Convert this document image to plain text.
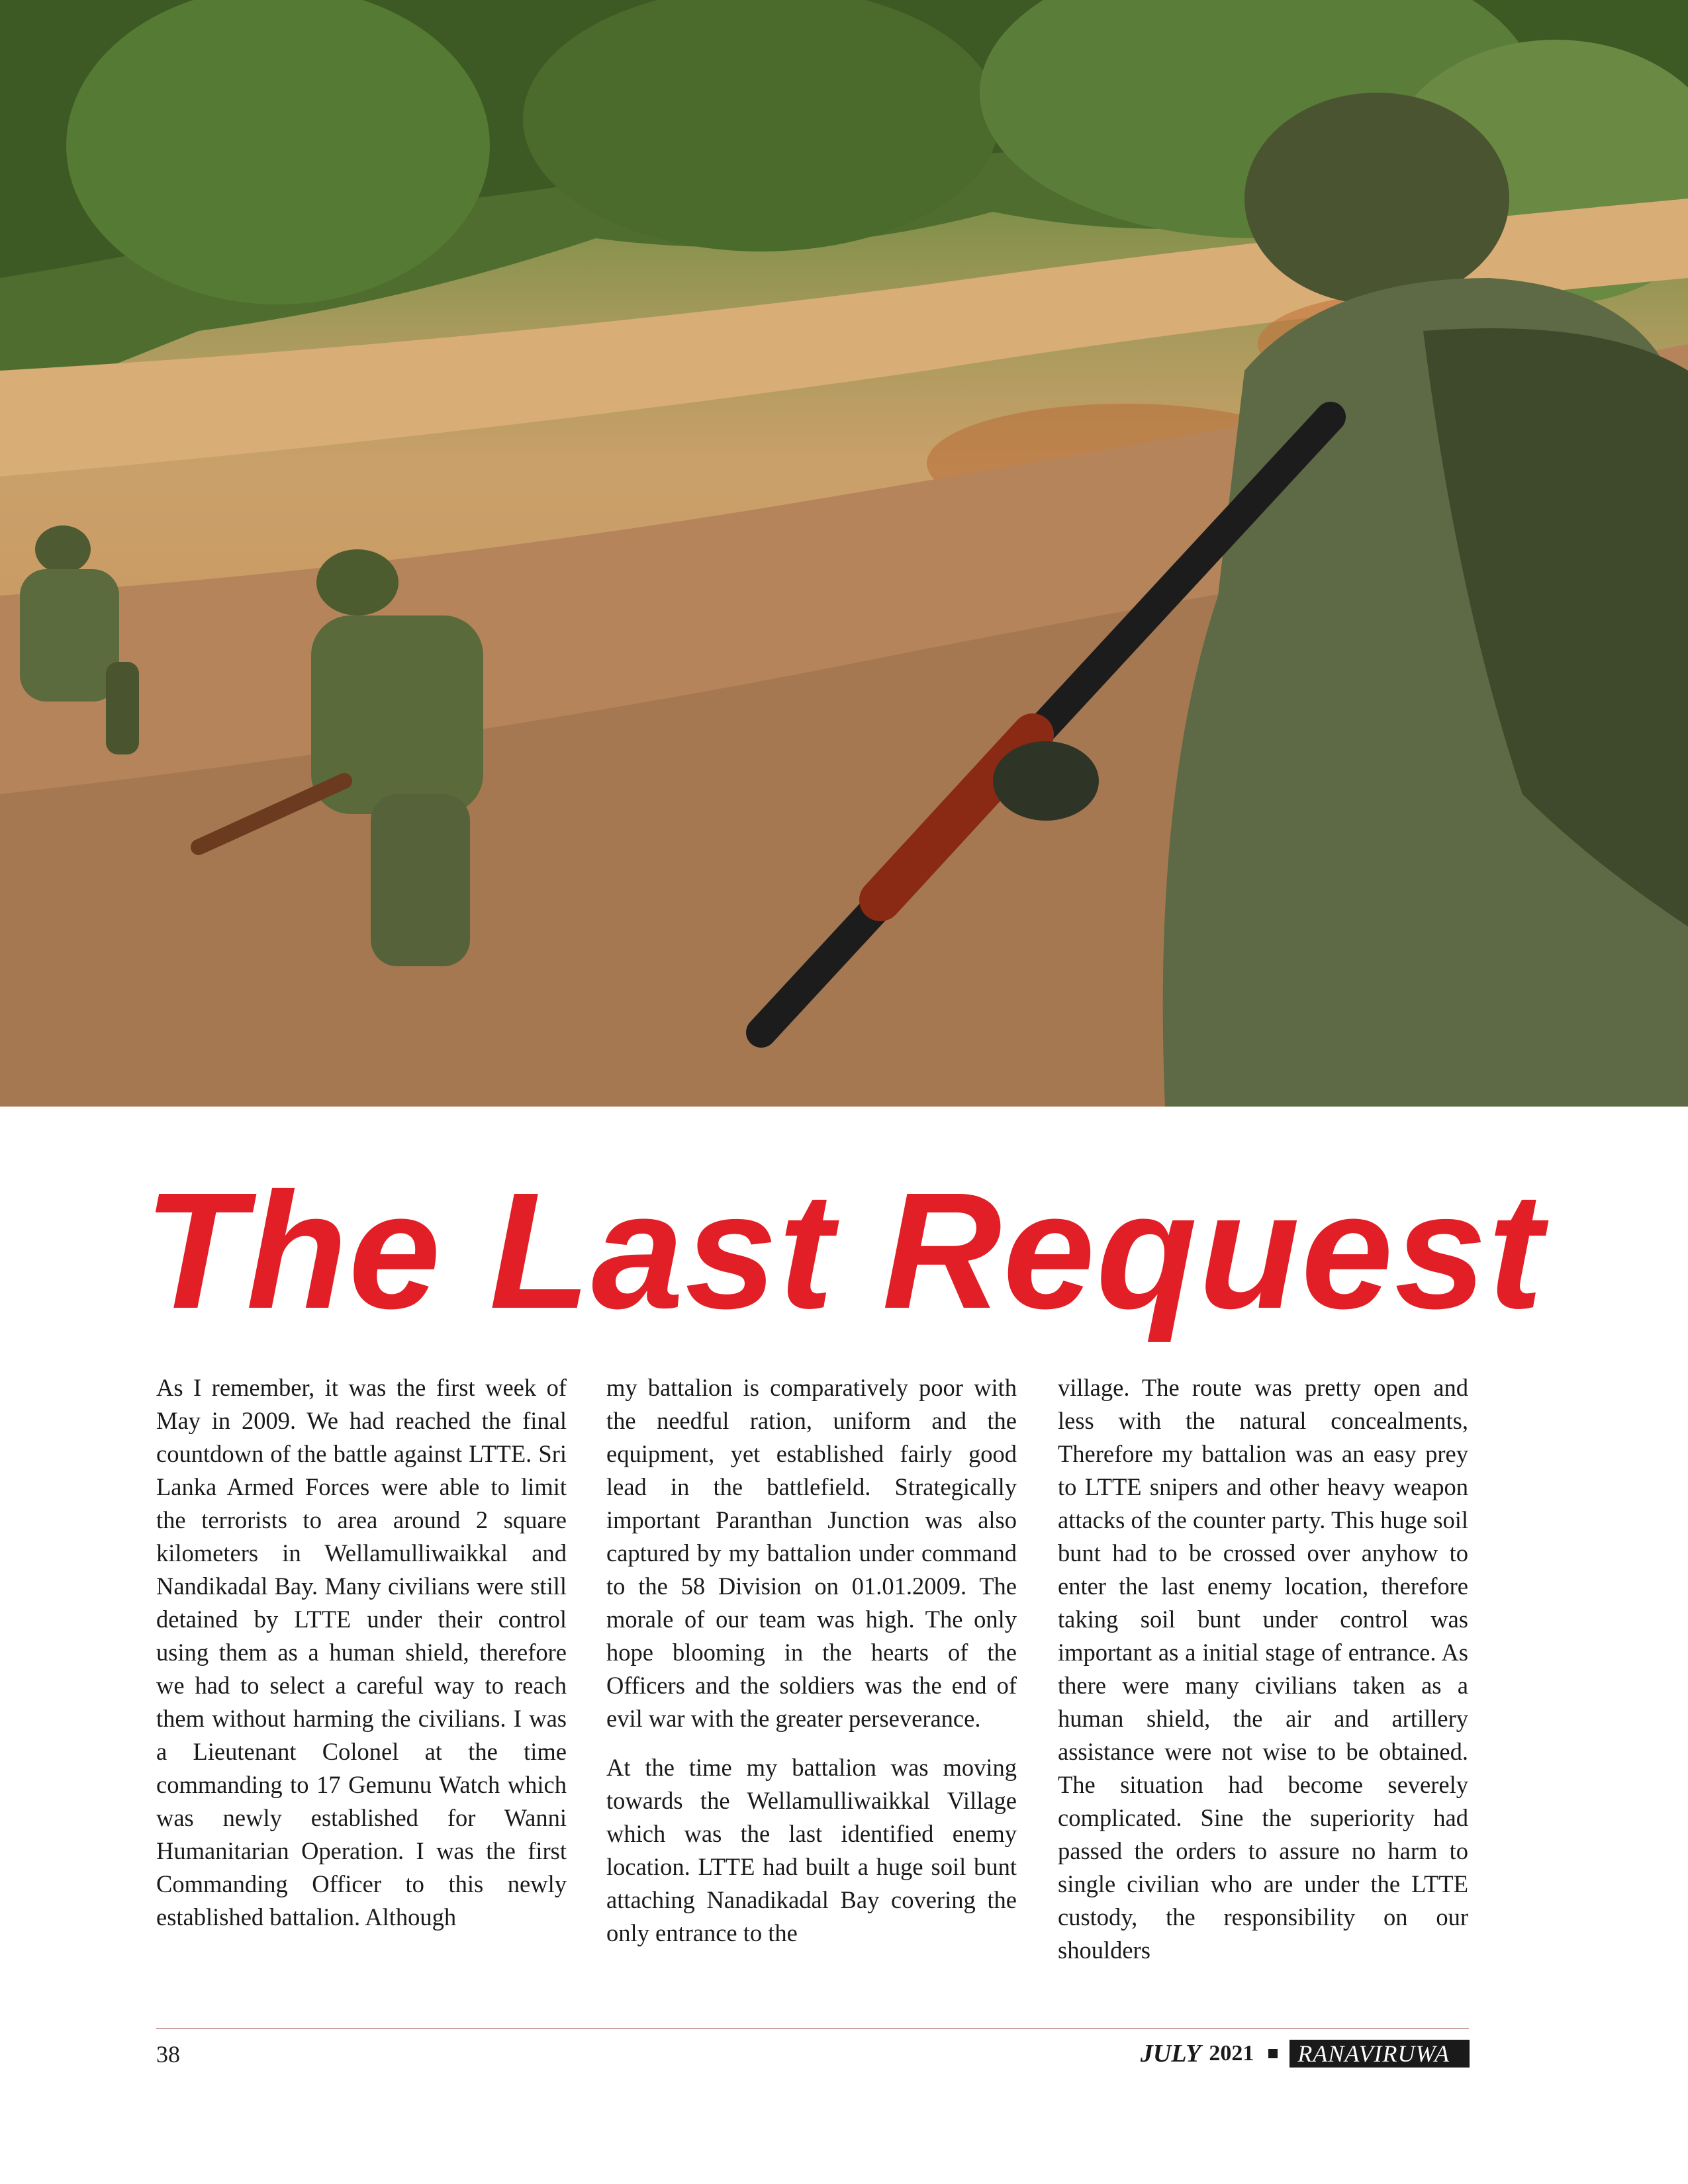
The Last Request

As I remember, it was the first week of May in 2009. We had reached the final countdown of the battle against LTTE. Sri Lanka Armed Forces were able to limit the terrorists to area around 2 square kilometers in Wellamulliwaikkal and Nandikadal Bay. Many civilians were still detained by LTTE under their control using them as a human shield, therefore we had to select a careful way to reach them without harming the civilians. I was a Lieutenant Colonel at the time commanding to 17 Gemunu Watch which was newly established for Wanni Humanitarian Operation. I was the first Commanding Officer to this newly established battalion. Although

my battalion is comparatively poor with the needful ration, uniform and the equipment, yet established fairly good lead in the battlefield. Strategically important Paranthan Junction was also captured by my battalion under command to the 58 Division on 01.01.2009. The morale of our team was high. The only hope blooming in the hearts of the Officers and the soldiers was the end of evil war with the greater perseverance.

At the time my battalion was moving towards the Wellamulliwaikkal Village which was the last identified enemy location. LTTE had built a huge soil bunt attaching Nanadikadal Bay covering the only entrance to the

village. The route was pretty open and less with the natural concealments, Therefore my battalion was an easy prey to LTTE snipers and other heavy weapon attacks of the counter party. This huge soil bunt had to be crossed over anyhow to enter the last enemy location, therefore taking soil bunt under control was important as a initial stage of entrance. As there were many civilians taken as a human shield, the air and artillery assistance were not wise to be obtained. The situation had become severely complicated. Sine the superiority had passed the orders to assure no harm to single civilian who are under the LTTE custody, the responsibility on our shoulders

38	JULY 2021	RANAVIRUWA
